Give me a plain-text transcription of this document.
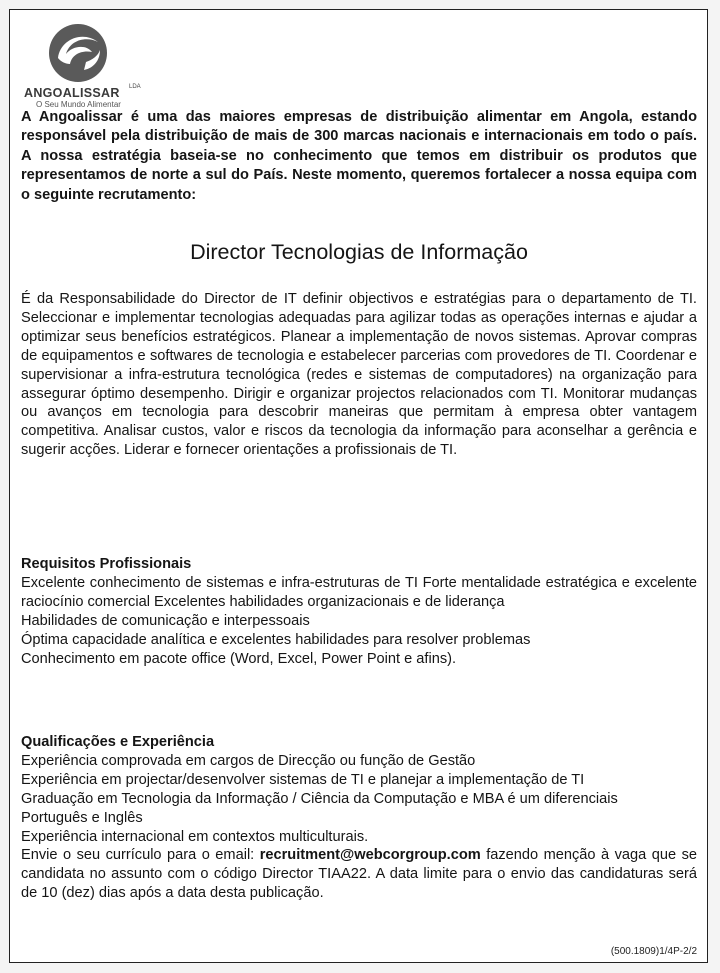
ANGOALISSAR LDA
O Seu Mundo Alimentar

A Angoalissar é uma das maiores empresas de distribuição alimentar em Angola, estando responsável pela distribuição de mais de 300 marcas nacionais e internacionais em todo o país. A nossa estratégia baseia-se no conhecimento que temos em distribuir os produtos que representamos de norte a sul do País. Neste momento, queremos fortalecer a nossa equipa com o seguinte recrutamento:

Director Tecnologias de Informação

É da Responsabilidade do Director de IT definir objectivos e estratégias para o departamento de TI. Seleccionar e implementar tecnologias adequadas para agilizar todas as operações internas e ajudar a optimizar seus benefícios estratégicos. Planear a implementação de novos sistemas. Aprovar compras de equipamentos e softwares de tecnologia e estabelecer parcerias com provedores de TI. Coordenar e supervisionar a infra-estrutura tecnológica (redes e sistemas de computadores) na organização para assegurar óptimo desempenho. Dirigir e organizar projectos relacionados com TI. Monitorar mudanças ou avanços em tecnologia para descobrir maneiras que permitam à empresa obter vantagem competitiva. Analisar custos, valor e riscos da tecnologia da informação para aconselhar a gerência e sugerir acções. Liderar e fornecer orientações a profissionais de TI.

Requisitos Profissionais

Excelente conhecimento de sistemas e infra-estruturas de TI Forte mentalidade estratégica e excelente raciocínio comercial Excelentes habilidades organizacionais e de liderança

Habilidades de comunicação e interpessoais

Óptima capacidade analítica e excelentes habilidades para resolver problemas

Conhecimento em pacote office (Word, Excel, Power Point e afins).

Qualificações e Experiência

Experiência comprovada em cargos de Direcção ou função de Gestão

Experiência em projectar/desenvolver sistemas de TI e planejar a implementação de TI

Graduação em Tecnologia da Informação / Ciência da Computação e MBA é um diferenciais

Português e Inglês

Experiência internacional em contextos multiculturais.

Envie o seu currículo para o email: recruitment@webcorgroup.com fazendo menção à vaga que se candidata no assunto com o código Director TIAA22. A data limite para o envio das candidaturas será de 10 (dez) dias após a data desta publicação.

(500.1809)1/4P-2/2
